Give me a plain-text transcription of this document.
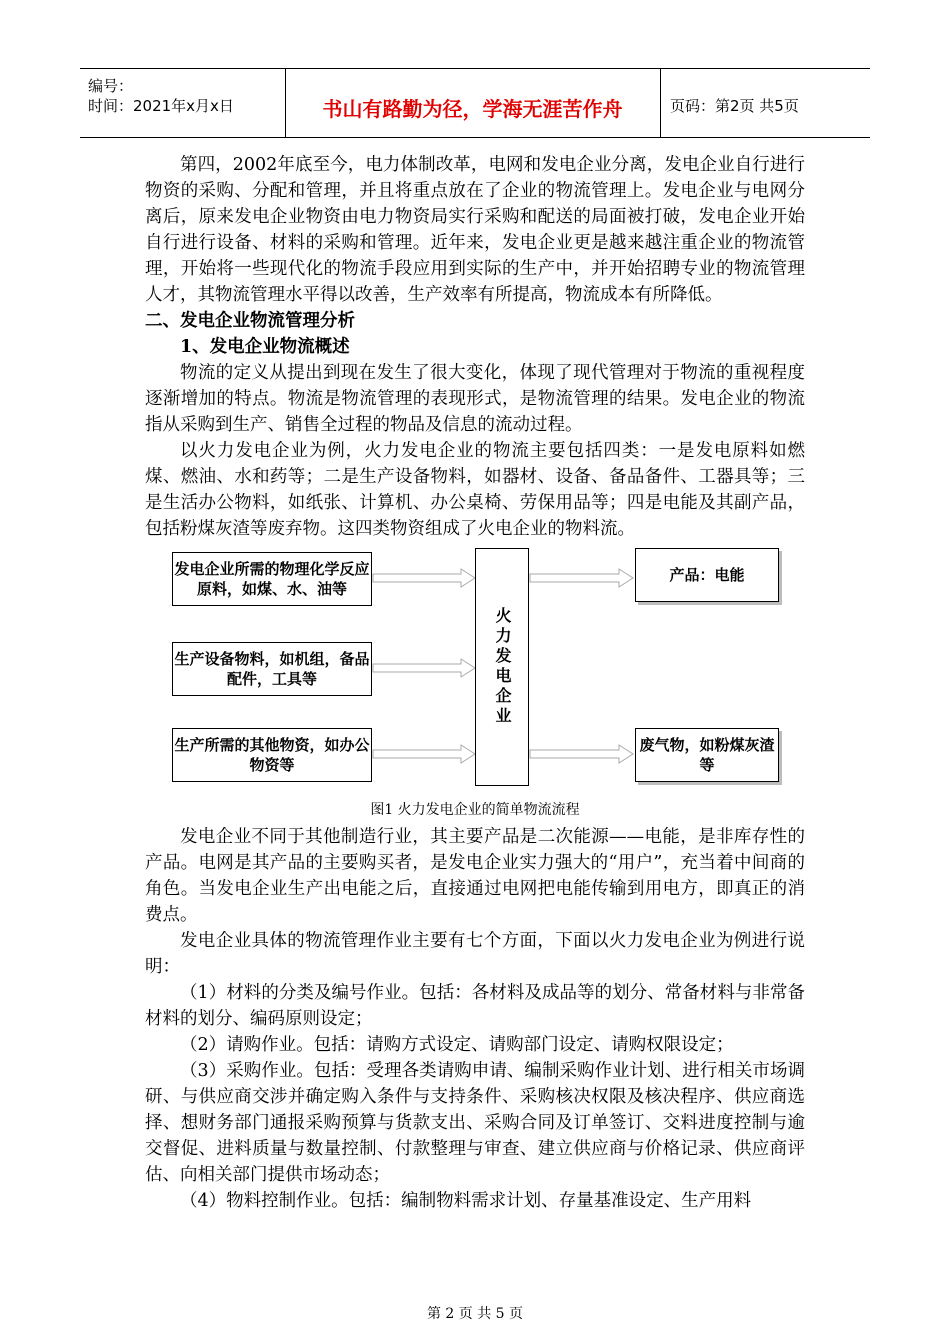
编号：
时间：2021年x月x日	书山有路勤为径，学海无涯苦作舟	页码：第2页 共5页

第四，2002年底至今，电力体制改革，电网和发电企业分离，发电企业自行进行物资的采购、分配和管理，并且将重点放在了企业的物流管理上。发电企业与电网分离后，原来发电企业物资由电力物资局实行采购和配送的局面被打破，发电企业开始自行进行设备、材料的采购和管理。近年来，发电企业更是越来越注重企业的物流管理，开始将一些现代化的物流手段应用到实际的生产中，并开始招聘专业的物流管理人才，其物流管理水平得以改善，生产效率有所提高，物流成本有所降低。

二、发电企业物流管理分析
1、发电企业物流概述

物流的定义从提出到现在发生了很大变化，体现了现代管理对于物流的重视程度逐渐增加的特点。物流是物流管理的表现形式，是物流管理的结果。发电企业的物流指从采购到生产、销售全过程的物品及信息的流动过程。

以火力发电企业为例，火力发电企业的物流主要包括四类：一是发电原料如燃煤、燃油、水和药等；二是生产设备物料，如器材、设备、备品备件、工器具等；三是生活办公物料，如纸张、计算机、办公桌椅、劳保用品等；四是电能及其副产品，包括粉煤灰渣等废弃物。这四类物资组成了火电企业的物料流。

发电企业所需的物理化学反应原料，如煤、水、油等
生产设备物料，如机组，备品配件，工具等
生产所需的其他物资，如办公物资等
火力发电企业
产品：电能
废气物，如粉煤灰渣等
图1 火力发电企业的简单物流流程

发电企业不同于其他制造行业，其主要产品是二次能源——电能，是非库存性的产品。电网是其产品的主要购买者，是发电企业实力强大的“用户”，充当着中间商的角色。当发电企业生产出电能之后，直接通过电网把电能传输到用电方，即真正的消费点。

发电企业具体的物流管理作业主要有七个方面，下面以火力发电企业为例进行说明：

（1）材料的分类及编号作业。包括：各材料及成品等的划分、常备材料与非常备材料的划分、编码原则设定；

（2）请购作业。包括：请购方式设定、请购部门设定、请购权限设定；

（3）采购作业。包括：受理各类请购申请、编制采购作业计划、进行相关市场调研、与供应商交涉并确定购入条件与支持条件、采购核决权限及核决程序、供应商选择、想财务部门通报采购预算与货款支出、采购合同及订单签订、交料进度控制与逾交督促、进料质量与数量控制、付款整理与审查、建立供应商与价格记录、供应商评估、向相关部门提供市场动态；

（4）物料控制作业。包括：编制物料需求计划、存量基准设定、生产用料

第 2 页 共 5 页
